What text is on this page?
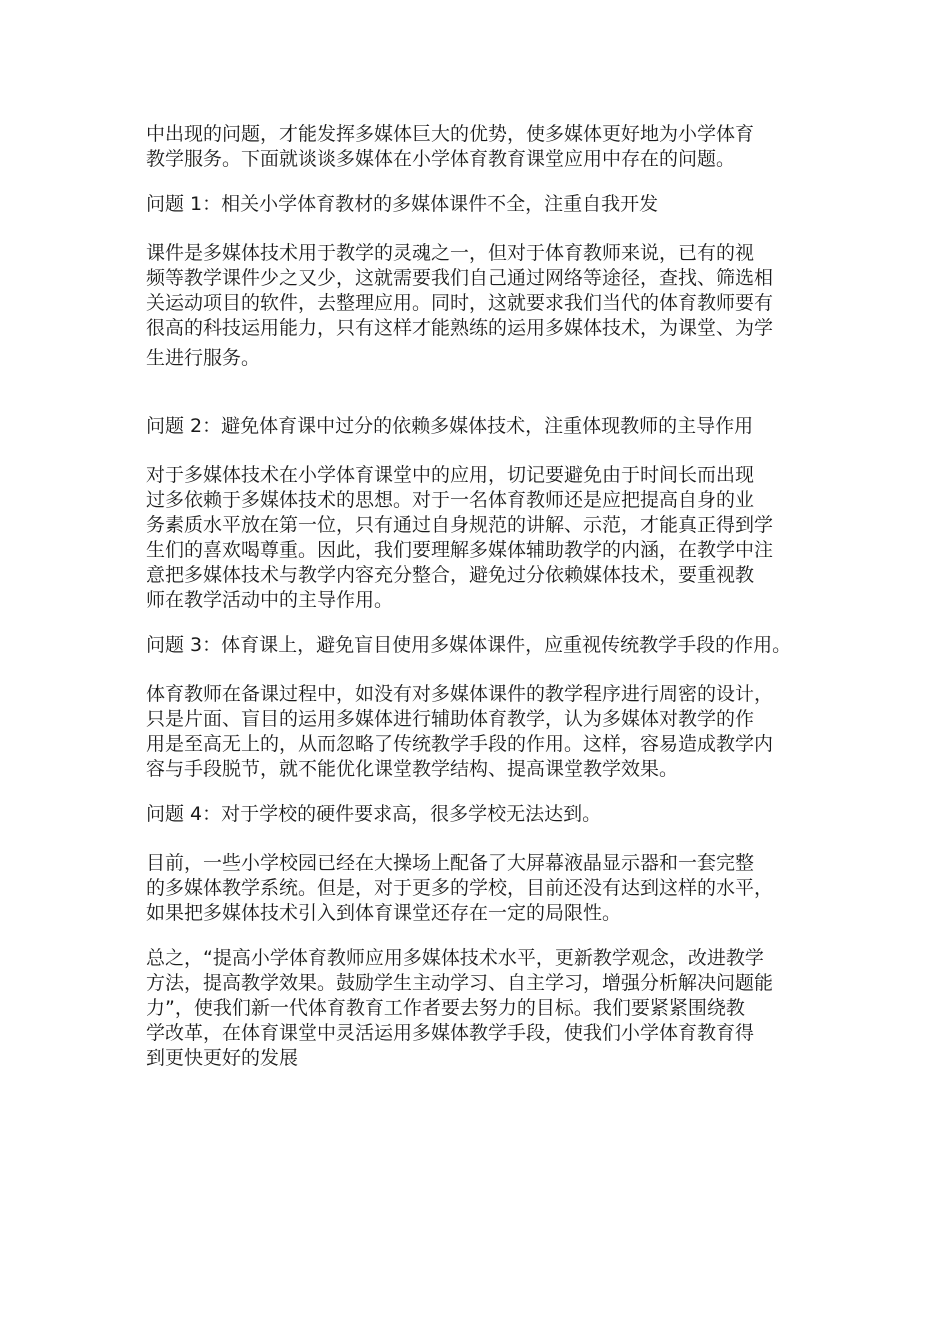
中出现的问题，才能发挥多媒体巨大的优势，使多媒体更好地为小学体育
教学服务。下面就谈谈多媒体在小学体育教育课堂应用中存在的问题。

问题 1：相关小学体育教材的多媒体课件不全，注重自我开发

课件是多媒体技术用于教学的灵魂之一，但对于体育教师来说，已有的视
频等教学课件少之又少，这就需要我们自己通过网络等途径，查找、筛选相
关运动项目的软件，去整理应用。同时，这就要求我们当代的体育教师要有
很高的科技运用能力，只有这样才能熟练的运用多媒体技术，为课堂、为学
生进行服务。

问题 2：避免体育课中过分的依赖多媒体技术，注重体现教师的主导作用

对于多媒体技术在小学体育课堂中的应用，切记要避免由于时间长而出现
过多依赖于多媒体技术的思想。对于一名体育教师还是应把提高自身的业
务素质水平放在第一位，只有通过自身规范的讲解、示范，才能真正得到学
生们的喜欢喝尊重。因此，我们要理解多媒体辅助教学的内涵，在教学中注
意把多媒体技术与教学内容充分整合，避免过分依赖媒体技术，要重视教
师在教学活动中的主导作用。

问题 3：体育课上，避免盲目使用多媒体课件，应重视传统教学手段的作用。

体育教师在备课过程中，如没有对多媒体课件的教学程序进行周密的设计，
只是片面、盲目的运用多媒体进行辅助体育教学，认为多媒体对教学的作
用是至高无上的，从而忽略了传统教学手段的作用。这样，容易造成教学内
容与手段脱节，就不能优化课堂教学结构、提高课堂教学效果。

问题 4：对于学校的硬件要求高，很多学校无法达到。

目前，一些小学校园已经在大操场上配备了大屏幕液晶显示器和一套完整
的多媒体教学系统。但是，对于更多的学校，目前还没有达到这样的水平，
如果把多媒体技术引入到体育课堂还存在一定的局限性。

总之，“提高小学体育教师应用多媒体技术水平，更新教学观念，改进教学
方法，提高教学效果。鼓励学生主动学习、自主学习，增强分析解决问题能
力”，使我们新一代体育教育工作者要去努力的目标。我们要紧紧围绕教
学改革，在体育课堂中灵活运用多媒体教学手段，使我们小学体育教育得
到更快更好的发展
